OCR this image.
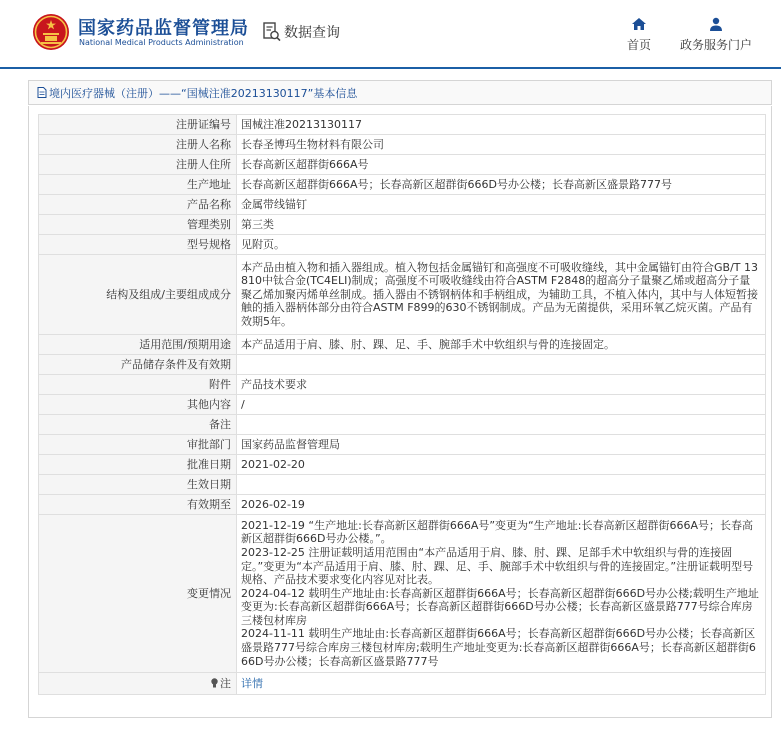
国家药品监督管理局
National Medical Products Administration
数据查询
首页 政务服务门户
境内医疗器械（注册）——“国械注准20213130117”基本信息
注册证编号	国械注准20213130117
注册人名称	长春圣博玛生物材料有限公司
注册人住所	长春高新区超群街666A号
生产地址	长春高新区超群街666A号；长春高新区超群街666D号办公楼；长春高新区盛景路777号
产品名称	金属带线锚钉
管理类别	第三类
型号规格	见附页。
结构及组成/主要组成成分	本产品由植入物和插入器组成。植入物包括金属锚钉和高强度不可吸收缝线，其中金属锚钉由符合GB/T 13810中钛合金(TC4ELI)制成；高强度不可吸收缝线由符合ASTM F2848的超高分子量聚乙烯或超高分子量聚乙烯加聚丙烯单丝制成。插入器由不锈钢柄体和手柄组成，为辅助工具，不植入体内，其中与人体短暂接触的插入器柄体部分由符合ASTM F899的630不锈钢制成。产品为无菌提供，采用环氧乙烷灭菌。产品有效期5年。
适用范围/预期用途	本产品适用于肩、膝、肘、踝、足、手、腕部手术中软组织与骨的连接固定。
产品储存条件及有效期	
附件	产品技术要求
其他内容	/
备注	
审批部门	国家药品监督管理局
批准日期	2021-02-20
生效日期	
有效期至	2026-02-19
变更情况	2021-12-19 “生产地址:长春高新区超群街666A号”变更为“生产地址:长春高新区超群街666A号；长春高新区超群街666D号办公楼。”。
2023-12-25 注册证载明适用范围由“本产品适用于肩、膝、肘、踝、足部手术中软组织与骨的连接固定。”变更为“本产品适用于肩、膝、肘、踝、足、手、腕部手术中软组织与骨的连接固定。”注册证载明型号规格、产品技术要求变化内容见对比表。
2024-04-12 载明生产地址由:长春高新区超群街666A号；长春高新区超群街666D号办公楼;载明生产地址变更为:长春高新区超群街666A号；长春高新区超群街666D号办公楼；长春高新区盛景路777号综合库房三楼包材库房
2024-11-11 载明生产地址由:长春高新区超群街666A号；长春高新区超群街666D号办公楼；长春高新区盛景路777号综合库房三楼包材库房;载明生产地址变更为:长春高新区超群街666A号；长春高新区超群街666D号办公楼；长春高新区盛景路777号

注	详情
